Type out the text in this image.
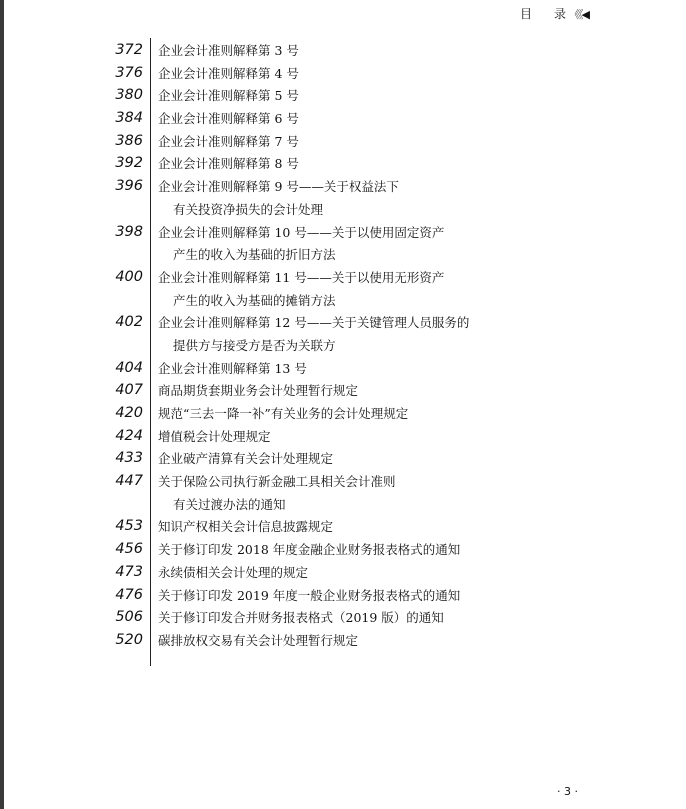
目 录 《《◀
372 企业会计准则解释第 3 号
376 企业会计准则解释第 4 号
380 企业会计准则解释第 5 号
384 企业会计准则解释第 6 号
386 企业会计准则解释第 7 号
392 企业会计准则解释第 8 号
396 企业会计准则解释第 9 号——关于权益法下
有关投资净损失的会计处理
398 企业会计准则解释第 10 号——关于以使用固定资产
产生的收入为基础的折旧方法
400 企业会计准则解释第 11 号——关于以使用无形资产
产生的收入为基础的摊销方法
402 企业会计准则解释第 12 号——关于关键管理人员服务的
提供方与接受方是否为关联方
404 企业会计准则解释第 13 号
407 商品期货套期业务会计处理暂行规定
420 规范“三去一降一补”有关业务的会计处理规定
424 增值税会计处理规定
433 企业破产清算有关会计处理规定
447 关于保险公司执行新金融工具相关会计准则
有关过渡办法的通知
453 知识产权相关会计信息披露规定
456 关于修订印发 2018 年度金融企业财务报表格式的通知
473 永续债相关会计处理的规定
476 关于修订印发 2019 年度一般企业财务报表格式的通知
506 关于修订印发合并财务报表格式（2019 版）的通知
520 碳排放权交易有关会计处理暂行规定
· 3 ·
